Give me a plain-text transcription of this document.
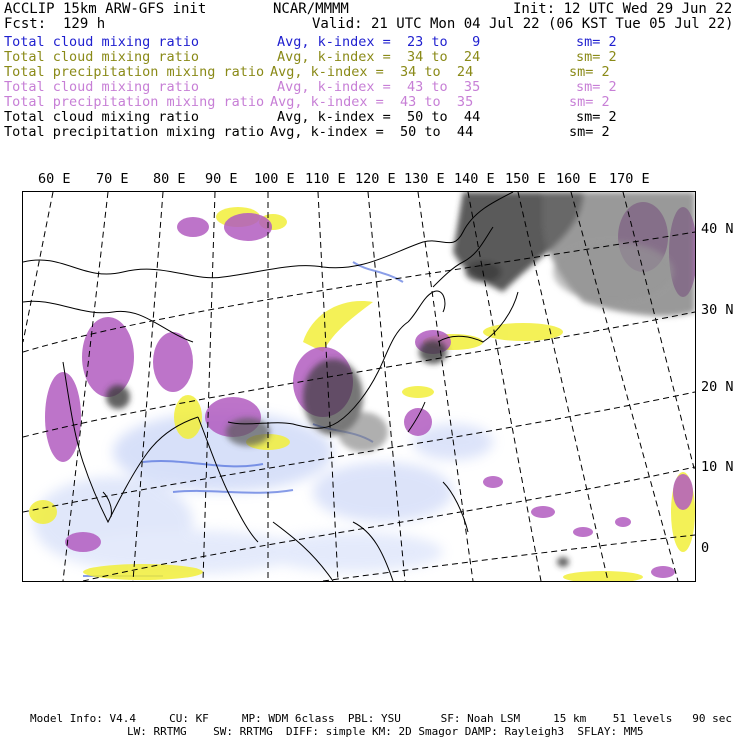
ACCLIP 15km ARW-GFS init	NCAR/MMMM	Init: 12 UTC Wed 29 Jun 22
Fcst:  129 h	Valid: 21 UTC Mon 04 Jul 22 (06 KST Tue 05 Jul 22)
Total cloud mixing ratio	Avg, k-index =  23 to   9	sm= 2
Total cloud mixing ratio	Avg, k-index =  34 to  24	sm= 2
Total precipitation mixing ratio Avg, k-index =  34 to  24	sm= 2
Total cloud mixing ratio	Avg, k-index =  43 to  35	sm= 2
Total precipitation mixing ratio Avg, k-index =  43 to  35	sm= 2
Total cloud mixing ratio	Avg, k-index =  50 to  44	sm= 2
Total precipitation mixing ratio Avg, k-index =  50 to  44	sm= 2
60 E 70 E 80 E 90 E 100 E 110 E 120 E 130 E 140 E 150 E 160 E 170 E
40 N
30 N
20 N
10 N
0
Model Info: V4.4     CU: KF     MP: WDM 6class  PBL: YSU      SF: Noah LSM     15 km    51 levels   90 sec
LW: RRTMG    SW: RRTMG  DIFF: simple KM: 2D Smagor DAMP: Rayleigh3  SFLAY: MM5
